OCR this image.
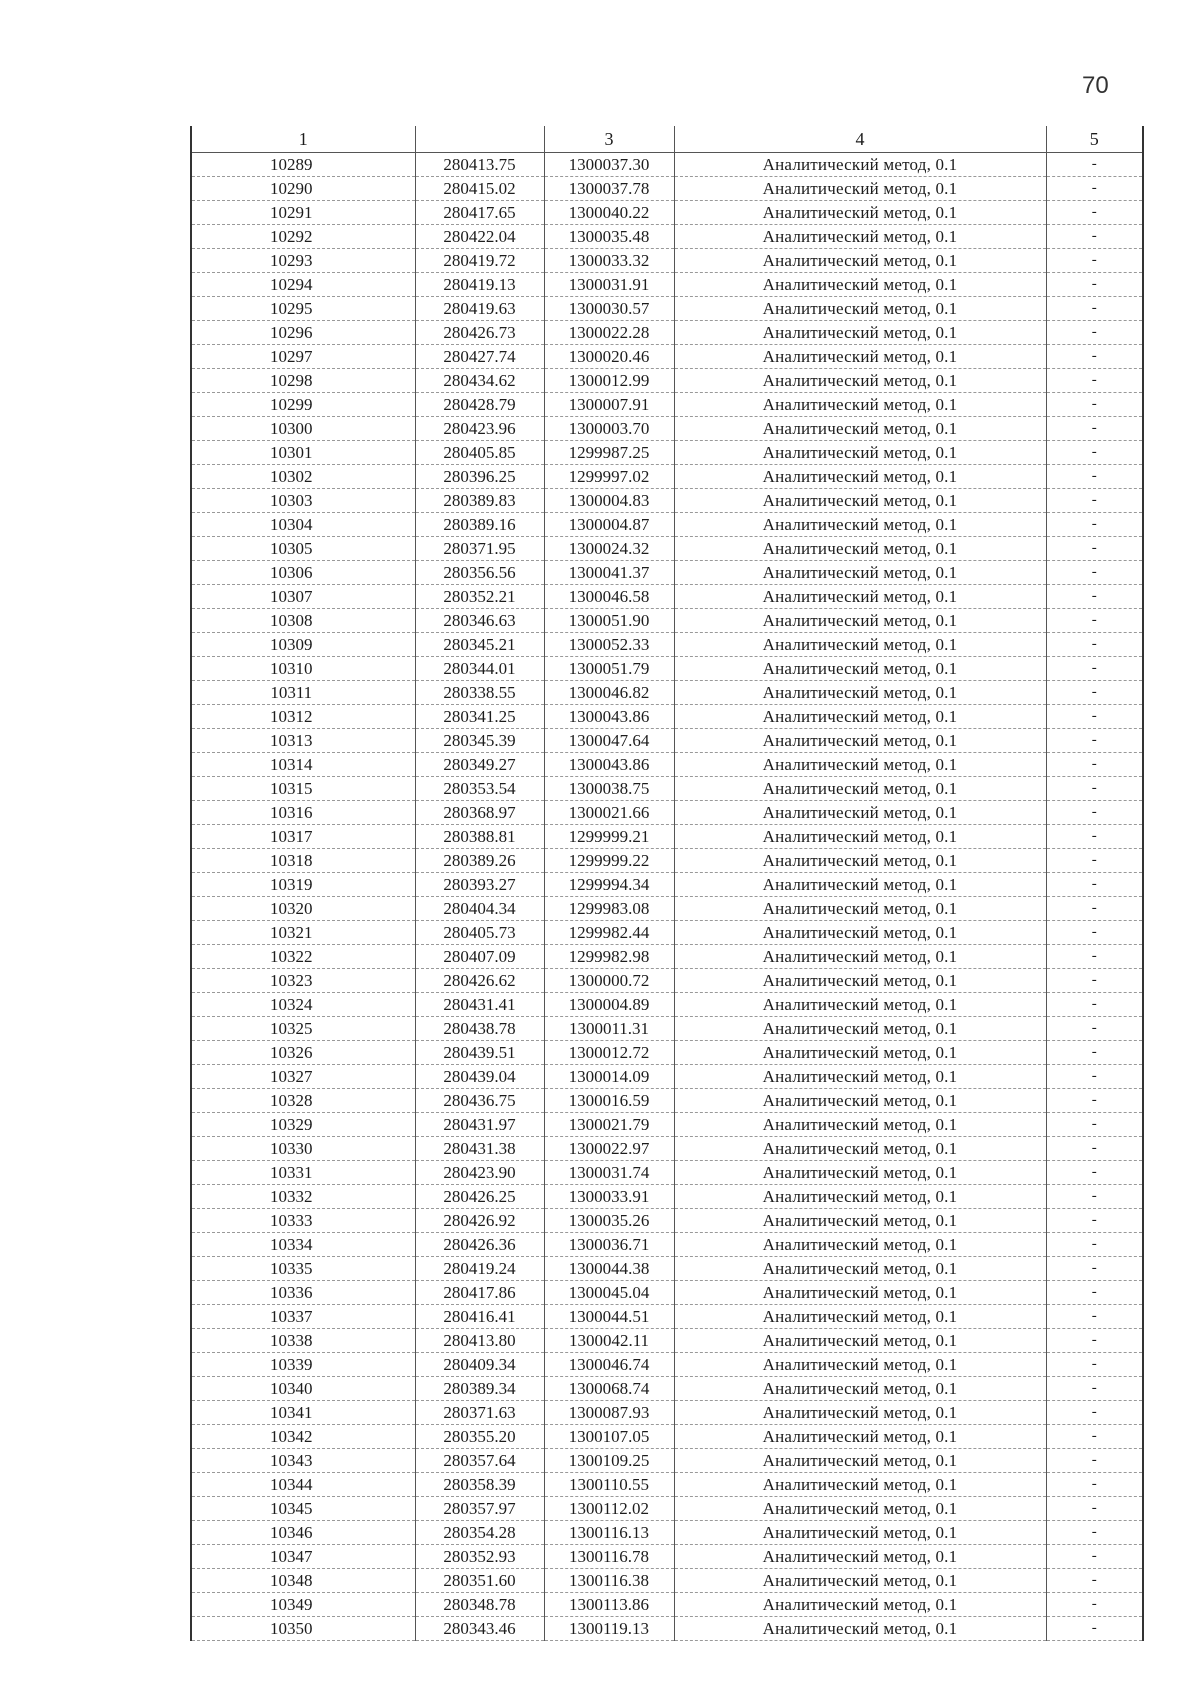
70
1		3	4	5
10289	280413.75	1300037.30	Аналитический метод, 0.1	-
10290	280415.02	1300037.78	Аналитический метод, 0.1	-
10291	280417.65	1300040.22	Аналитический метод, 0.1	-
10292	280422.04	1300035.48	Аналитический метод, 0.1	-
10293	280419.72	1300033.32	Аналитический метод, 0.1	-
10294	280419.13	1300031.91	Аналитический метод, 0.1	-
10295	280419.63	1300030.57	Аналитический метод, 0.1	-
10296	280426.73	1300022.28	Аналитический метод, 0.1	-
10297	280427.74	1300020.46	Аналитический метод, 0.1	-
10298	280434.62	1300012.99	Аналитический метод, 0.1	-
10299	280428.79	1300007.91	Аналитический метод, 0.1	-
10300	280423.96	1300003.70	Аналитический метод, 0.1	-
10301	280405.85	1299987.25	Аналитический метод, 0.1	-
10302	280396.25	1299997.02	Аналитический метод, 0.1	-
10303	280389.83	1300004.83	Аналитический метод, 0.1	-
10304	280389.16	1300004.87	Аналитический метод, 0.1	-
10305	280371.95	1300024.32	Аналитический метод, 0.1	-
10306	280356.56	1300041.37	Аналитический метод, 0.1	-
10307	280352.21	1300046.58	Аналитический метод, 0.1	-
10308	280346.63	1300051.90	Аналитический метод, 0.1	-
10309	280345.21	1300052.33	Аналитический метод, 0.1	-
10310	280344.01	1300051.79	Аналитический метод, 0.1	-
10311	280338.55	1300046.82	Аналитический метод, 0.1	-
10312	280341.25	1300043.86	Аналитический метод, 0.1	-
10313	280345.39	1300047.64	Аналитический метод, 0.1	-
10314	280349.27	1300043.86	Аналитический метод, 0.1	-
10315	280353.54	1300038.75	Аналитический метод, 0.1	-
10316	280368.97	1300021.66	Аналитический метод, 0.1	-
10317	280388.81	1299999.21	Аналитический метод, 0.1	-
10318	280389.26	1299999.22	Аналитический метод, 0.1	-
10319	280393.27	1299994.34	Аналитический метод, 0.1	-
10320	280404.34	1299983.08	Аналитический метод, 0.1	-
10321	280405.73	1299982.44	Аналитический метод, 0.1	-
10322	280407.09	1299982.98	Аналитический метод, 0.1	-
10323	280426.62	1300000.72	Аналитический метод, 0.1	-
10324	280431.41	1300004.89	Аналитический метод, 0.1	-
10325	280438.78	1300011.31	Аналитический метод, 0.1	-
10326	280439.51	1300012.72	Аналитический метод, 0.1	-
10327	280439.04	1300014.09	Аналитический метод, 0.1	-
10328	280436.75	1300016.59	Аналитический метод, 0.1	-
10329	280431.97	1300021.79	Аналитический метод, 0.1	-
10330	280431.38	1300022.97	Аналитический метод, 0.1	-
10331	280423.90	1300031.74	Аналитический метод, 0.1	-
10332	280426.25	1300033.91	Аналитический метод, 0.1	-
10333	280426.92	1300035.26	Аналитический метод, 0.1	-
10334	280426.36	1300036.71	Аналитический метод, 0.1	-
10335	280419.24	1300044.38	Аналитический метод, 0.1	-
10336	280417.86	1300045.04	Аналитический метод, 0.1	-
10337	280416.41	1300044.51	Аналитический метод, 0.1	-
10338	280413.80	1300042.11	Аналитический метод, 0.1	-
10339	280409.34	1300046.74	Аналитический метод, 0.1	-
10340	280389.34	1300068.74	Аналитический метод, 0.1	-
10341	280371.63	1300087.93	Аналитический метод, 0.1	-
10342	280355.20	1300107.05	Аналитический метод, 0.1	-
10343	280357.64	1300109.25	Аналитический метод, 0.1	-
10344	280358.39	1300110.55	Аналитический метод, 0.1	-
10345	280357.97	1300112.02	Аналитический метод, 0.1	-
10346	280354.28	1300116.13	Аналитический метод, 0.1	-
10347	280352.93	1300116.78	Аналитический метод, 0.1	-
10348	280351.60	1300116.38	Аналитический метод, 0.1	-
10349	280348.78	1300113.86	Аналитический метод, 0.1	-
10350	280343.46	1300119.13	Аналитический метод, 0.1	-
